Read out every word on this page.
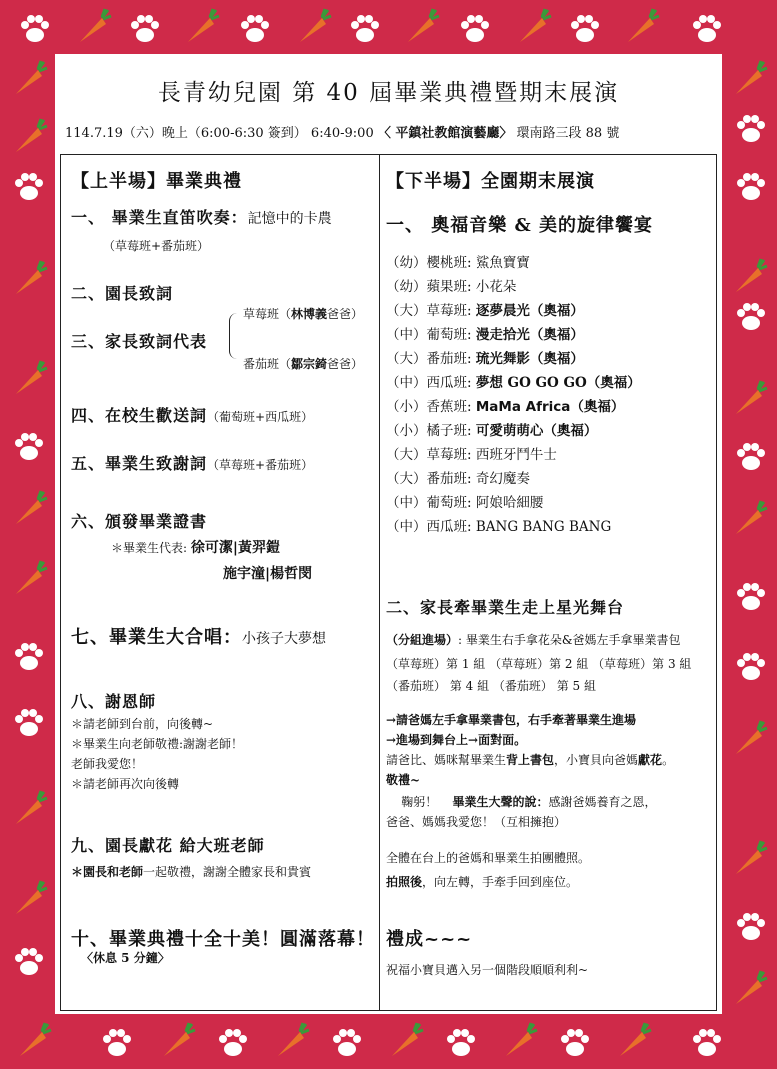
長青幼兒園 第 40 屆畢業典禮暨期末展演
114.7.19（六）晚上（6:00-6:30 簽到） 6:40-9:00 〈 平鎮社教館演藝廳〉 環南路三段 88 號
【上半場】畢業典禮
一、 畢業生直笛吹奏：記憶中的卡農
（草莓班+番茄班）
二、園長致詞
草莓班（林博義爸爸）
三、家長致詞代表
番茄班（鄒宗錡爸爸）
四、在校生歡送詞（葡萄班+西瓜班）
五、畢業生致謝詞（草莓班+番茄班）
六、頒發畢業證書
＊畢業生代表: 徐可潔|黃羿鎧
施宇潼|楊哲閔
七、畢業生大合唱：小孩子大夢想
八、謝恩師
＊請老師到台前，向後轉~
＊畢業生向老師敬禮:謝謝老師！
老師我愛您！
＊請老師再次向後轉
九、園長獻花 給大班老師
＊園長和老師一起敬禮，謝謝全體家長和貴賓
十、畢業典禮十全十美！圓滿落幕！
〈休息 5 分鐘〉
【下半場】全園期末展演
一、 奧福音樂 & 美的旋律饗宴
（幼）櫻桃班: 鯊魚寶寶
（幼）蘋果班: 小花朵
（大）草莓班: 逐夢晨光（奧福）
（中）葡萄班: 漫走拾光（奧福）
（大）番茄班: 琉光舞影（奧福）
（中）西瓜班: 夢想 GO GO GO（奧福）
（小）香蕉班: MaMa Africa（奧福）
（小）橘子班: 可愛萌萌心（奧福）
（大）草莓班: 西班牙鬥牛士
（大）番茄班: 奇幻魔奏
（中）葡萄班: 阿娘哈細腰
（中）西瓜班: BANG BANG BANG
二、家長牽畢業生走上星光舞台
（分組進場）: 畢業生右手拿花朵&爸媽左手拿畢業書包
（草莓班）第 1 組 （草莓班）第 2 組 （草莓班）第 3 組
（番茄班） 第 4 組 （番茄班） 第 5 組
→請爸媽左手拿畢業書包，右手牽著畢業生進場
→進場到舞台上→面對面。
請爸比、媽咪幫畢業生背上書包，小寶貝向爸媽獻花。
敬禮~
鞠躬！    畢業生大聲的說：感謝爸媽養育之恩，
爸爸、媽媽我愛您！（互相擁抱）
全體在台上的爸媽和畢業生拍團體照。
拍照後，向左轉，手牽手回到座位。
禮成~~~
祝福小寶貝邁入另一個階段順順利利~
